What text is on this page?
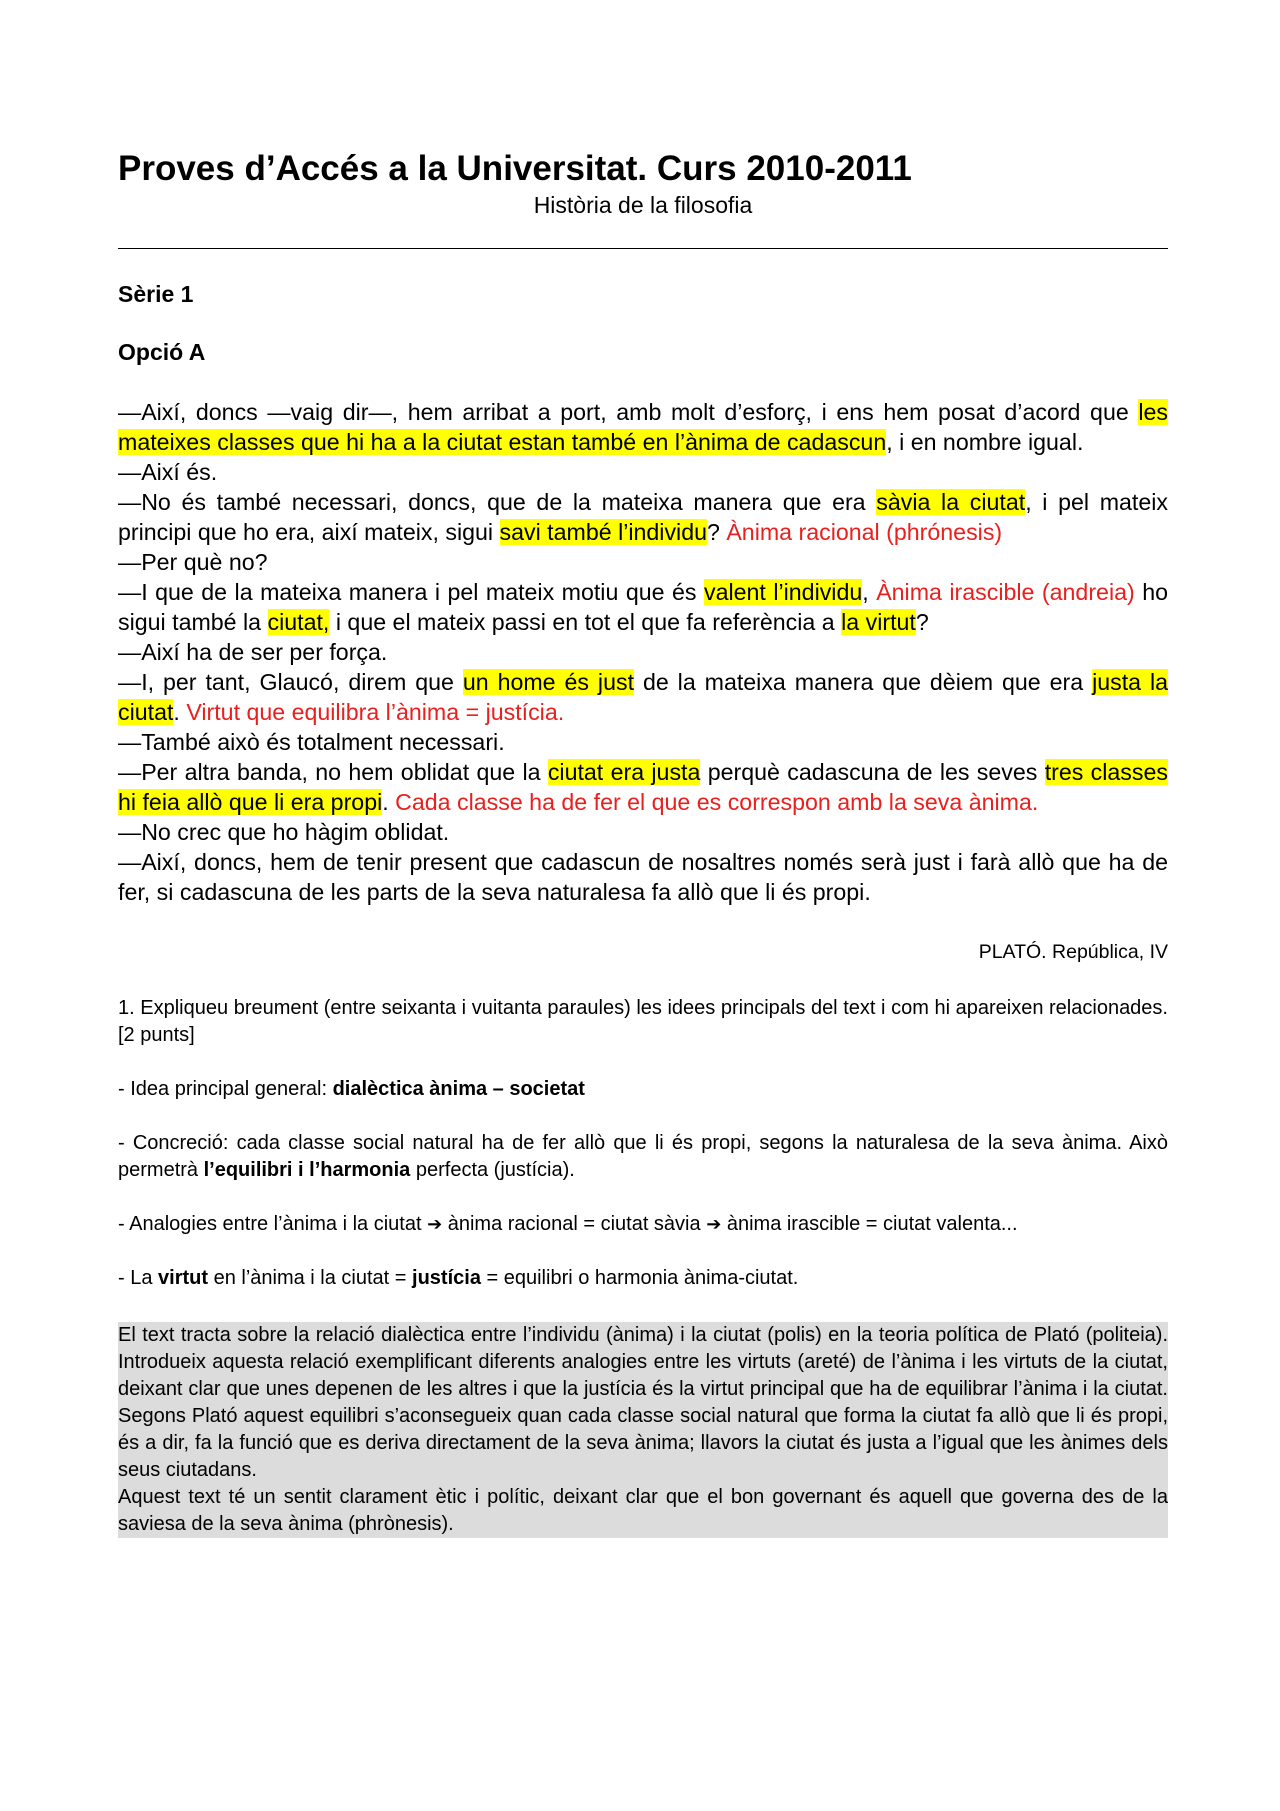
Proves d’Accés a la Universitat. Curs 2010-2011
Història de la filosofia
Sèrie 1
Opció A

—Així, doncs —vaig dir—, hem arribat a port, amb molt d’esforç, i ens hem posat d’acord que les mateixes classes que hi ha a la ciutat estan també en l’ànima de cadascun, i en nombre igual.

—Així és.

—No és també necessari, doncs, que de la mateixa manera que era sàvia la ciutat, i pel mateix principi que ho era, així mateix, sigui savi també l’individu? Ànima racional (phrónesis)

—Per què no?

—I que de la mateixa manera i pel mateix motiu que és valent l’individu, Ànima irascible (andreia) ho sigui també la ciutat, i que el mateix passi en tot el que fa referència a la virtut?

—Així ha de ser per força.

—I, per tant, Glaucó, direm que un home és just de la mateixa manera que dèiem que era justa la ciutat. Virtut que equilibra l’ànima = justícia.

—També això és totalment necessari.

—Per altra banda, no hem oblidat que la ciutat era justa perquè cadascuna de les seves tres classes hi feia allò que li era propi. Cada classe ha de fer el que es correspon amb la seva ànima.

—No crec que ho hàgim oblidat.

—Així, doncs, hem de tenir present que cadascun de nosaltres només serà just i farà allò que ha de fer, si cadascuna de les parts de la seva naturalesa fa allò que li és propi.

PLATÓ. República, IV
1. Expliqueu breument (entre seixanta i vuitanta paraules) les idees principals del text i com hi apareixen relacionades. [2 punts]
- Idea principal general: dialèctica ànima – societat
- Concreció: cada classe social natural ha de fer allò que li és propi, segons la naturalesa de la seva ànima. Això permetrà l’equilibri i l’harmonia perfecta (justícia).
- Analogies entre l’ànima i la ciutat ➔ ànima racional = ciutat sàvia ➔ ànima irascible = ciutat valenta...
- La virtut en l’ànima i la ciutat = justícia = equilibri o harmonia ànima-ciutat.

El text tracta sobre la relació dialèctica entre l’individu (ànima) i la ciutat (polis) en la teoria política de Plató (politeia). Introdueix aquesta relació exemplificant diferents analogies entre les virtuts (areté) de l’ànima i les virtuts de la ciutat, deixant clar que unes depenen de les altres i que la justícia és la virtut principal que ha de equilibrar l’ànima i la ciutat. Segons Plató aquest equilibri s’aconsegueix quan cada classe social natural que forma la ciutat fa allò que li és propi, és a dir, fa la funció que es deriva directament de la seva ànima; llavors la ciutat és justa a l’igual que les ànimes dels seus ciutadans.

Aquest text té un sentit clarament ètic i polític, deixant clar que el bon governant és aquell que governa des de la saviesa de la seva ànima (phrònesis).
